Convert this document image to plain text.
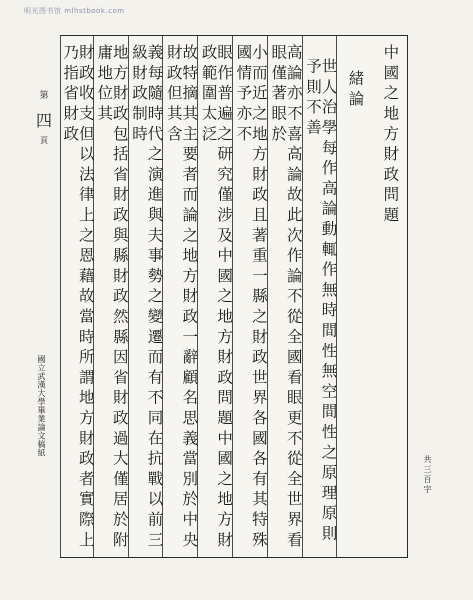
明光图书馆 mlhstbook.com
第
四
頁
國立武漢大學畢業論文稿紙
共三百字
中國之地方財政問題
緒論
世人治學每作高論動輒作無時間性無空間性之原理原則予則不善
高論亦不喜高論故此次作論不從全國看眼更不從全世界看眼僅著眼於
小而近之地方財政且著重一縣之財政世界各國各有其特殊國情予亦不
眼作普遍之研究僅涉及中國之地方財政問題中國之地方財政範圍太泛
故特摘其主要者而論之地方財政一辭顧名思義當別於中央財政但其含
義每隨時代之演進與夫事勢之變遷而有不同在抗戰以前三級財政制時
地方財政包括省財政與縣財政然縣因省財政過大僅居於附庸地位其
財政收支但以法律上之恩藉故當時所謂地方財政者實際上乃指省財政
